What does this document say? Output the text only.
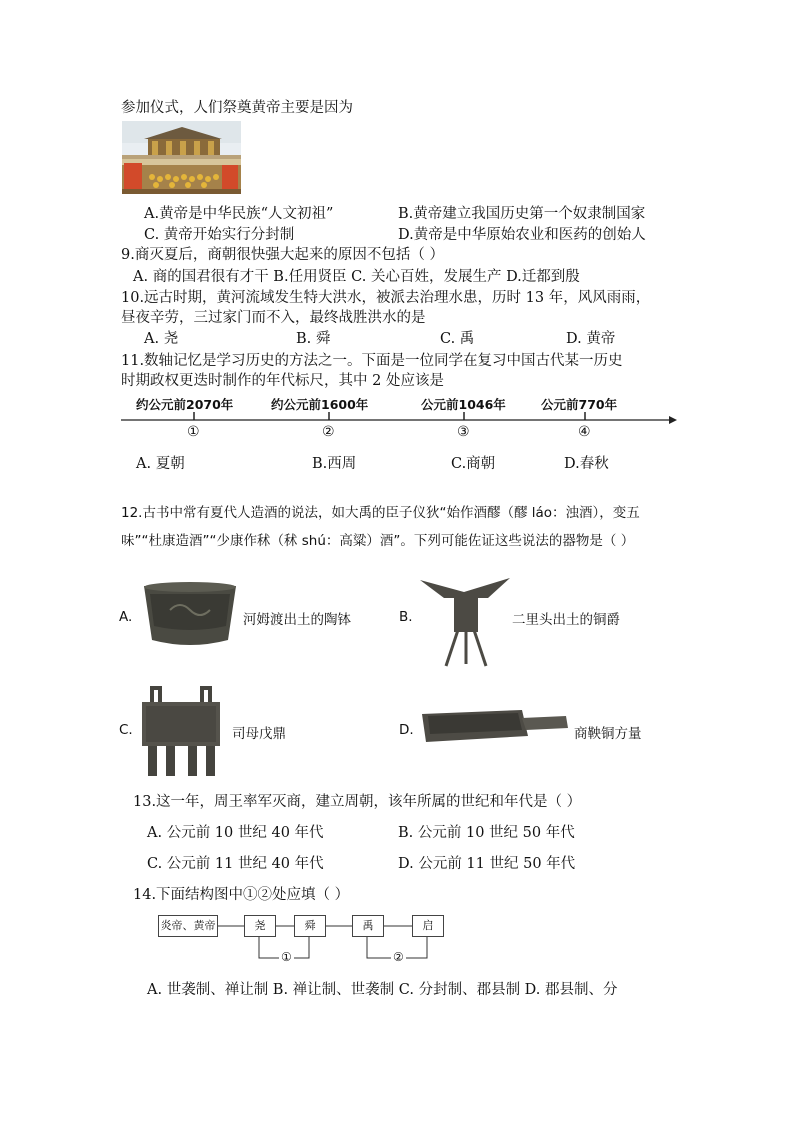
参加仪式，人们祭奠黄帝主要是因为
A.黄帝是中华民族“人文初祖”	B.黄帝建立我国历史第一个奴隶制国家
C. 黄帝开始实行分封制	D.黄帝是中华原始农业和医药的创始人
9.商灭夏后，商朝很快强大起来的原因不包括（ ）
A. 商的国君很有才干 B.任用贤臣 C. 关心百姓，发展生产 D.迁都到殷
10.远古时期，黄河流域发生特大洪水，被派去治理水患，历时 13 年，风风雨雨，
昼夜辛劳，三过家门而不入，最终战胜洪水的是
A. 尧	B. 舜	C. 禹	D. 黄帝
11.数轴记忆是学习历史的方法之一。下面是一位同学在复习中国古代某一历史
时期政权更迭时制作的年代标尺，其中 2 处应该是
约公元前2070年	约公元前1600年	公元前1046年	公元前770年
①	②	③	④
A. 夏朝	B.西周	C.商朝	D.春秋
12.古书中常有夏代人造酒的说法，如大禹的臣子仪狄“始作酒醪（醪 láo：浊酒），变五
味”“杜康造酒”“少康作秫（秫 shú：高粱）酒”。下列可能佐证这些说法的器物是（ ）
A.	河姆渡出土的陶钵	B.	二里头出土的铜爵
C.	司母戊鼎	D.	商鞅铜方量
13.这一年，周王率军灭商，建立周朝，该年所属的世纪和年代是（ ）
A. 公元前 10 世纪 40 年代	B. 公元前 10 世纪 50 年代
C. 公元前 11 世纪 40 年代	D. 公元前 11 世纪 50 年代
14.下面结构图中①②处应填（ ）
炎帝、黄帝	尧	舜	禹	启
①	②
A. 世袭制、禅让制 B. 禅让制、世袭制 C. 分封制、郡县制 D. 郡县制、分
